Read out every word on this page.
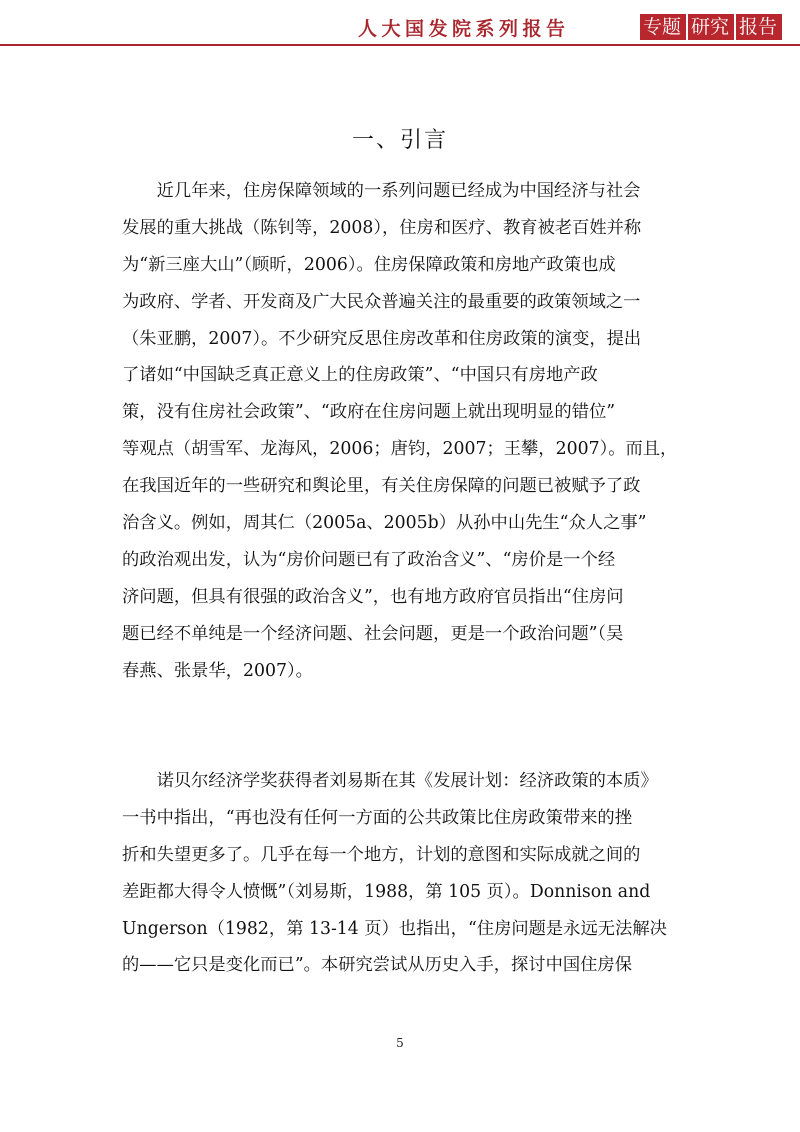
人大国发院系列报告	专题 研究 报告
一、引言
　　近几年来，住房保障领域的一系列问题已经成为中国经济与社会
发展的重大挑战（陈钊等，2008），住房和医疗、教育被老百姓并称
为“新三座大山”（顾昕，2006）。住房保障政策和房地产政策也成
为政府、学者、开发商及广大民众普遍关注的最重要的政策领域之一
（朱亚鹏，2007）。不少研究反思住房改革和住房政策的演变，提出
了诸如“中国缺乏真正意义上的住房政策”、“中国只有房地产政
策，没有住房社会政策”、“政府在住房问题上就出现明显的错位”
等观点（胡雪军、龙海风，2006；唐钧，2007；王攀，2007）。而且，
在我国近年的一些研究和舆论里，有关住房保障的问题已被赋予了政
治含义。例如，周其仁（2005a、2005b）从孙中山先生“众人之事”
的政治观出发，认为“房价问题已有了政治含义”、“房价是一个经
济问题，但具有很强的政治含义”，也有地方政府官员指出“住房问
题已经不单纯是一个经济问题、社会问题，更是一个政治问题”（吴
春燕、张景华，2007）。
　　诺贝尔经济学奖获得者刘易斯在其《发展计划：经济政策的本质》
一书中指出，“再也没有任何一方面的公共政策比住房政策带来的挫
折和失望更多了。几乎在每一个地方，计划的意图和实际成就之间的
差距都大得令人愤慨”（刘易斯，1988，第 105 页）。Donnison and
Ungerson（1982，第 13-14 页）也指出，“住房问题是永远无法解决
的——它只是变化而已”。本研究尝试从历史入手，探讨中国住房保
5
